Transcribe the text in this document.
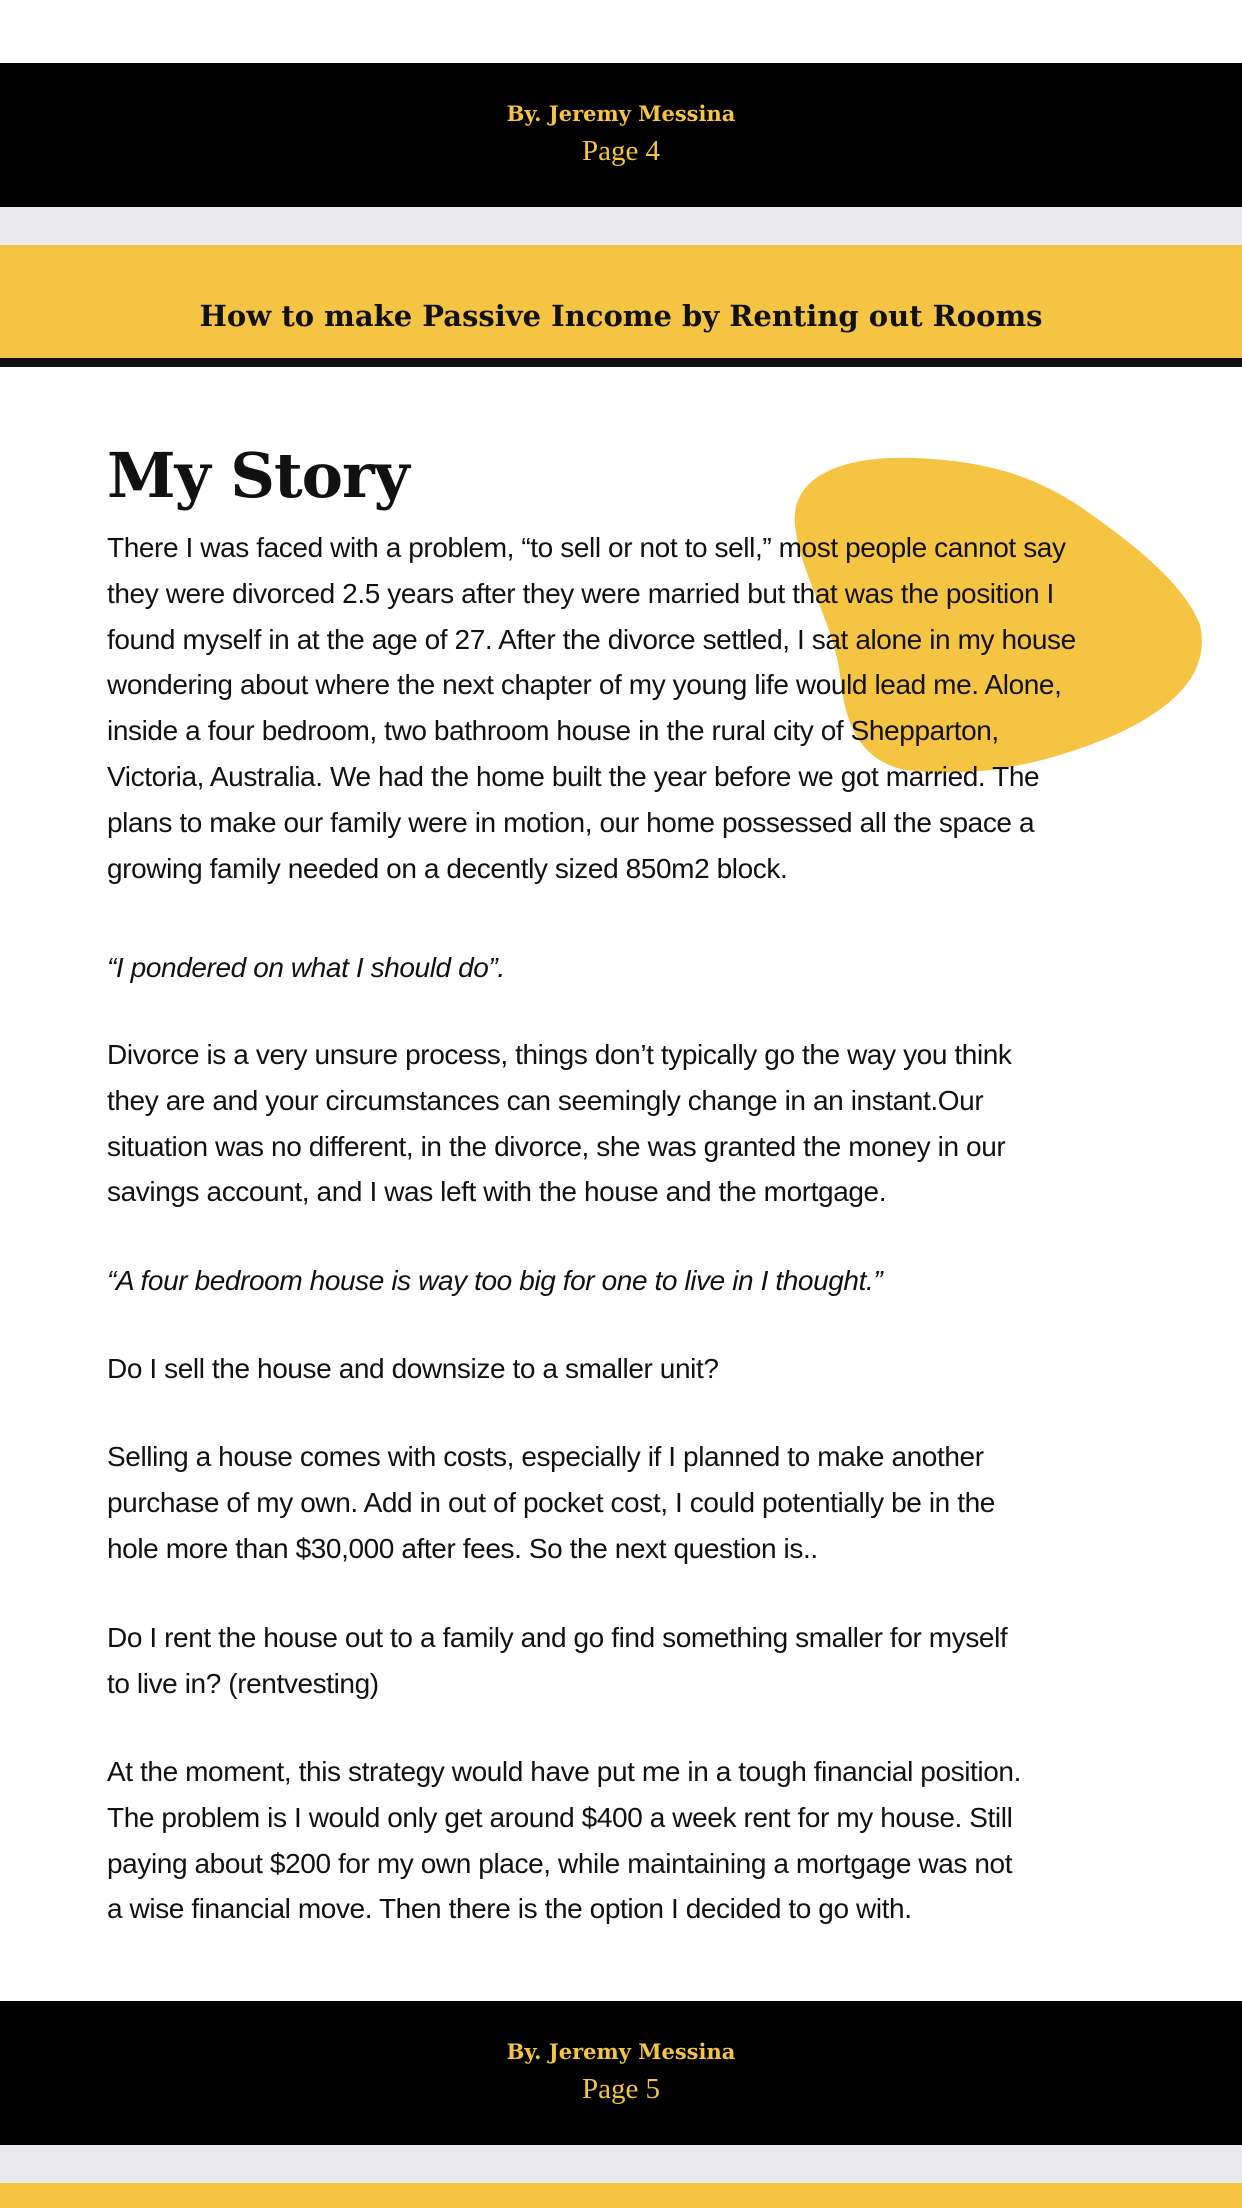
By. Jeremy Messina
Page 4
How to make Passive Income by Renting out Rooms
My Story
There I was faced with a problem, “to sell or not to sell,” most people cannot say
they were divorced 2.5 years after they were married but that was the position I
found myself in at the age of 27. After the divorce settled, I sat alone in my house
wondering about where the next chapter of my young life would lead me. Alone,
inside a four bedroom, two bathroom house in the rural city of Shepparton,
Victoria, Australia. We had the home built the year before we got married. The
plans to make our family were in motion, our home possessed all the space a
growing family needed on a decently sized 850m2 block.
“I pondered on what I should do”.
Divorce is a very unsure process, things don’t typically go the way you think
they are and your circumstances can seemingly change in an instant.Our
situation was no different, in the divorce, she was granted the money in our
savings account, and I was left with the house and the mortgage.
“A four bedroom house is way too big for one to live in I thought.”
Do I sell the house and downsize to a smaller unit?
Selling a house comes with costs, especially if I planned to make another
purchase of my own. Add in out of pocket cost, I could potentially be in the
hole more than $30,000 after fees. So the next question is..
Do I rent the house out to a family and go find something smaller for myself
to live in? (rentvesting)
At the moment, this strategy would have put me in a tough financial position.
The problem is I would only get around $400 a week rent for my house. Still
paying about $200 for my own place, while maintaining a mortgage was not
a wise financial move. Then there is the option I decided to go with.
By. Jeremy Messina
Page 5
